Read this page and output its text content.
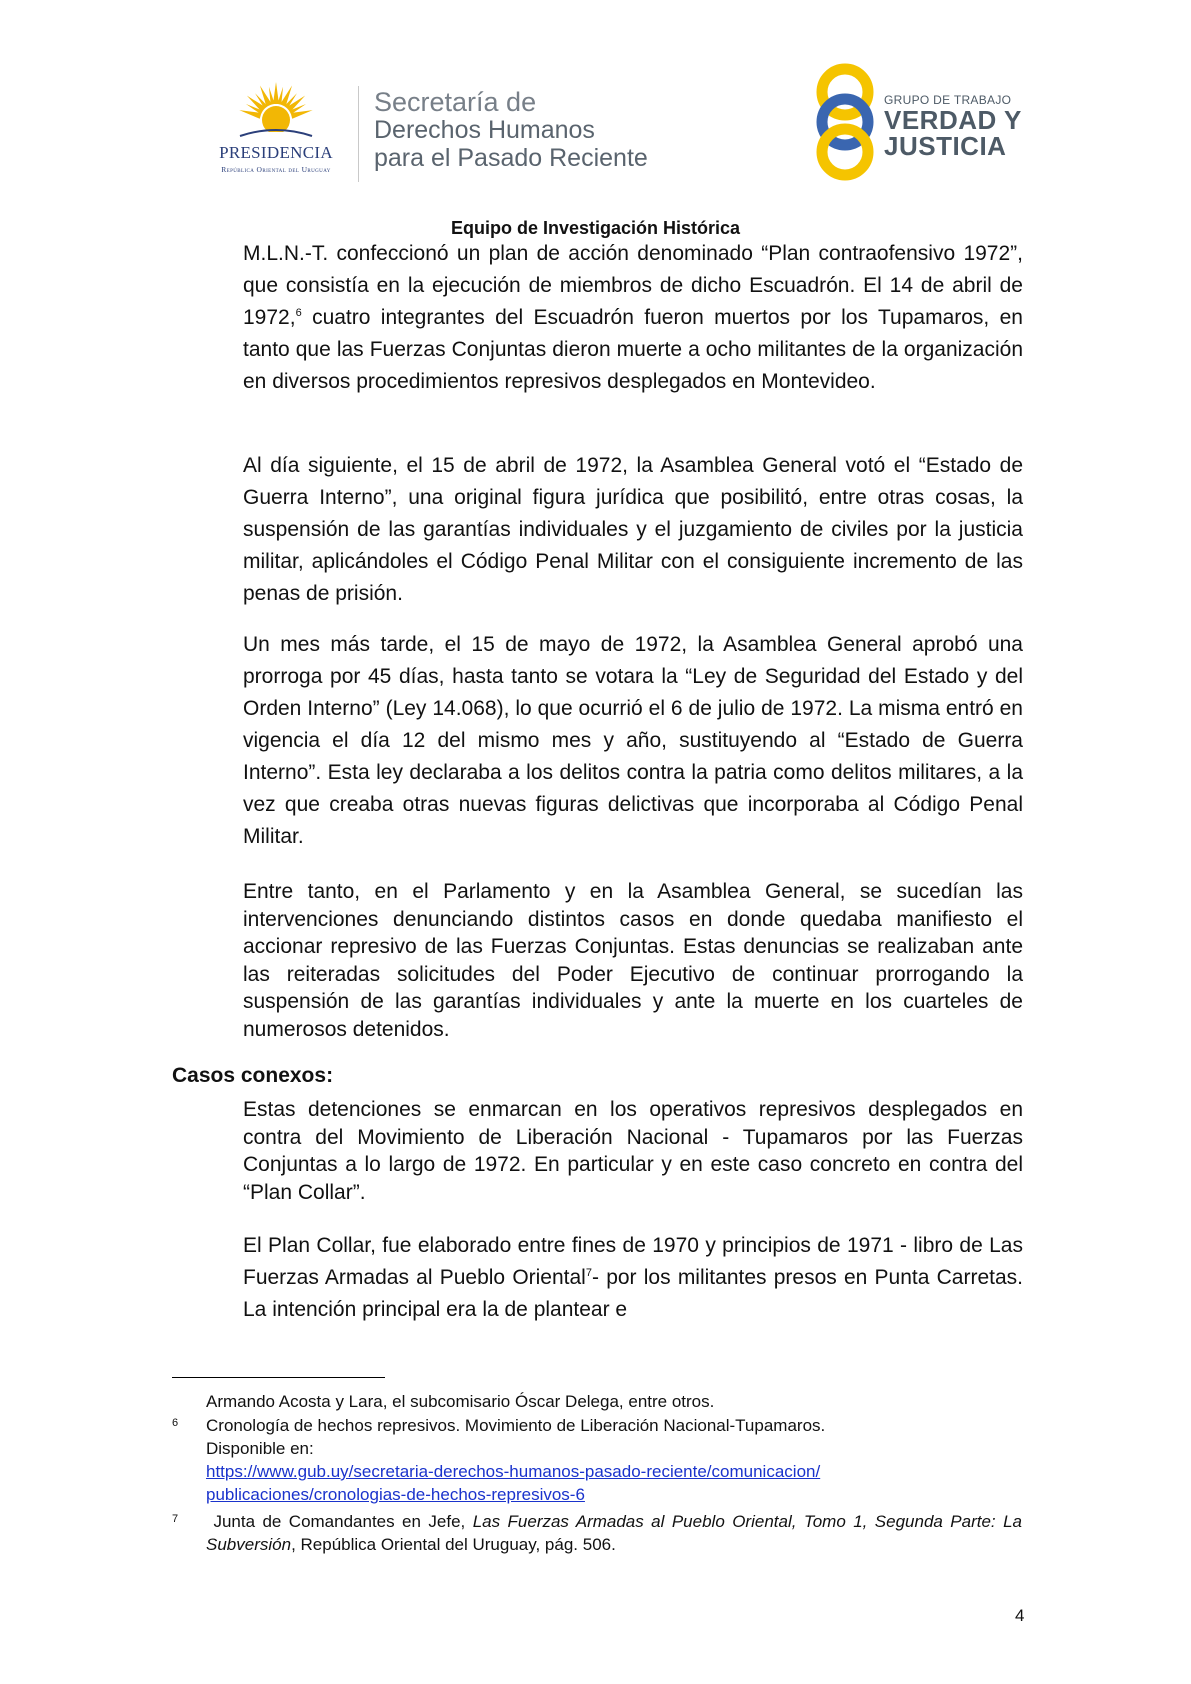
PRESIDENCIA
República Oriental del Uruguay
Secretaría de
Derechos Humanos
para el Pasado Reciente
GRUPO DE TRABAJO
VERDAD Y
JUSTICIA
Equipo de Investigación Histórica

M.L.N.-T. confeccionó un plan de acción denominado “Plan contraofensivo 1972”, que consistía en la ejecución de miembros de dicho Escuadrón. El 14 de abril de 1972,$^6$ cuatro integrantes del Escuadrón fueron muertos por los Tupamaros, en tanto que las Fuerzas Conjuntas dieron muerte a ocho militantes de la organización en diversos procedimientos represivos desplegados en Montevideo.

Al día siguiente, el 15 de abril de 1972, la Asamblea General votó el “Estado de Guerra Interno”, una original figura jurídica que posibilitó, entre otras cosas, la suspensión de las garantías individuales y el juzgamiento de civiles por la justicia militar, aplicándoles el Código Penal Militar con el consiguiente incremento de las penas de prisión.

Un mes más tarde, el 15 de mayo de 1972, la Asamblea General aprobó una prorroga por 45 días, hasta tanto se votara la “Ley de Seguridad del Estado y del Orden Interno” (Ley 14.068), lo que ocurrió el 6 de julio de 1972. La misma entró en vigencia el día 12 del mismo mes y año, sustituyendo al “Estado de Guerra Interno”. Esta ley declaraba a los delitos contra la patria como delitos militares, a la vez que creaba otras nuevas figuras delictivas que incorporaba al Código Penal Militar.

Entre tanto, en el Parlamento y en la Asamblea General, se sucedían las intervenciones denunciando distintos casos en donde quedaba manifiesto el accionar represivo de las Fuerzas Conjuntas. Estas denuncias se realizaban ante las reiteradas solicitudes del Poder Ejecutivo de continuar prorrogando la suspensión de las garantías individuales y ante la muerte en los cuarteles de numerosos detenidos.

Casos conexos:

Estas detenciones se enmarcan en los operativos represivos desplegados en contra del Movimiento de Liberación Nacional - Tupamaros por las Fuerzas Conjuntas a lo largo de 1972. En particular y en este caso concreto en contra del “Plan Collar”.

El Plan Collar, fue elaborado entre fines de 1970 y principios de 1971 - libro de Las Fuerzas Armadas al Pueblo Oriental$^7$- por los militantes presos en Punta Carretas. La intención principal era la de plantear e

Armando Acosta y Lara, el subcomisario Óscar Delega, entre otros.
6 Cronología de hechos represivos. Movimiento de Liberación Nacional-Tupamaros.
Disponible en:
https://www.gub.uy/secretaria-derechos-humanos-pasado-reciente/comunicacion/
publicaciones/cronologias-de-hechos-represivos-6
7	Junta de Comandantes en Jefe, Las Fuerzas Armadas al Pueblo Oriental, Tomo 1, Segunda Parte: La Subversión, República Oriental del Uruguay, pág. 506.
4
